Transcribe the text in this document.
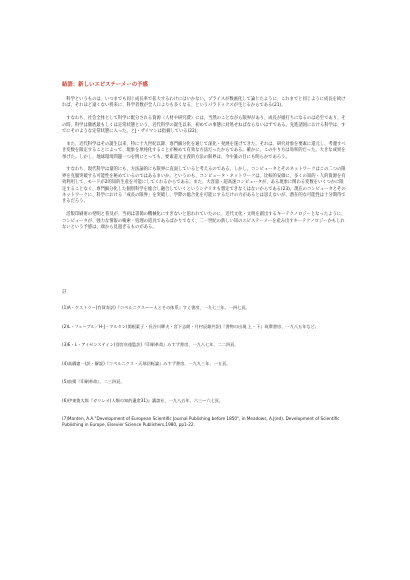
結語：新しいエピステーメーの予感

科学というものは、いつまでも同じ成長率で拡大するわけにはいかない。プライスが数画化して論じたように、これまでと同じように成長を続ければ、それほど遠くない将来に、科学者数が全人口よりも多くなる、というパラドックスが生じるからである(21)。

すなわち、社会全体として科学に配分される資源（人材や研究費）には、当然のことながら限界があり、成長が頭打ちになるのは必至であり、その時、科学は徹底最もしくは定常状態という、近代科学の誕生以来、初めての事態に対処せねばならないはずである。先進諸国における科学は、すでにそのような定常状態に入った。とJ・ザイマンは指摘している(22)。

また、近代科学はその誕生以来、特に十九世紀以降、専門細分化を通じて深化・発展を遂げてきた。それは、研究対象を要素に還元し、考慮すべき変数を限定することによって、現象を単純化することが極めて有効な方法だったからである。確かに、このやり方は効率的だった。大きな成果を挙げた。しかし、地球環境問題一つを例にとっても、要素還元主義的方法の限界は、今や誰の目にも明らかであろう。

すなわち、現代科学は量的にも、方法論的にも限界に直面していると考えるのである。しかし、コンピュータとそのネットワークはこの二つの限界を克服突破する可能性を秘めているのではあるまいか。というのも、コンピュータ・ネットワークは、比較的安価に、多くの知的・人的資源を有効利用して、モードが2的知的生産を可能にしてくれるからである。また、大容量・超高速コンピュータが、ある現象に関わる変数をいくつかに限定することなく、専門細分化した個別科学を総合し融合していくというシナリオも想定できなくはないからである(23)。現在のコンピュータとそのネットワークに、科学における「成長の限界」を突破し、学際の総合化を可能にするだけの力があるとは思えないが、潜在的な可能性は十分期待できるだろう。

活版印刷術の発明と普及が、当初は書簡の機械化にすぎないと思われていたのに、近代文化・文明を創出するキーテクノロジーとなったように、コンピュータが、強力な情報の検索・処理の道具であるばかりでなく、二一世紀の新しい知のエピステーメーを産み出すキーテクノロジーかもしれないという予感は、端から見過ぎるものがある。

註

(1)A・ケストラー(有賀寿訳)『コペルニクス——人とその体系』すぐ書房、一九七三年、一四七頁。

(2)L・フェーブル／H-J・マルタン(関根素子・長谷川輝夫・宮下志朗・月村辰雄共訳)『書物の出現 上・下』筑摩書房、一九八五年など。

(3)E・L・アイゼンステイン(別宮貞徳監訳)『印刷革命』みすず書房、一九八七年、二二四頁。

(4)高橋憲一(訳・解説)『コペルニクス・天球回転論』みすず書房、一九九三年、一五頁。

(5)前掲『印刷革命』、二三四頁。

(6)伊東俊太郎『ガリレオ(人類の知的遺産31)』講談社、一九八五年、六三—六七頁。

(7)Manten, A.A."Development of European Scientific Journal Publishing before 1850", in Meadows, A.J(ed), Development of Scientific Publishing in Europe, Elsevier Science Publishers,1980, pp1-22.
